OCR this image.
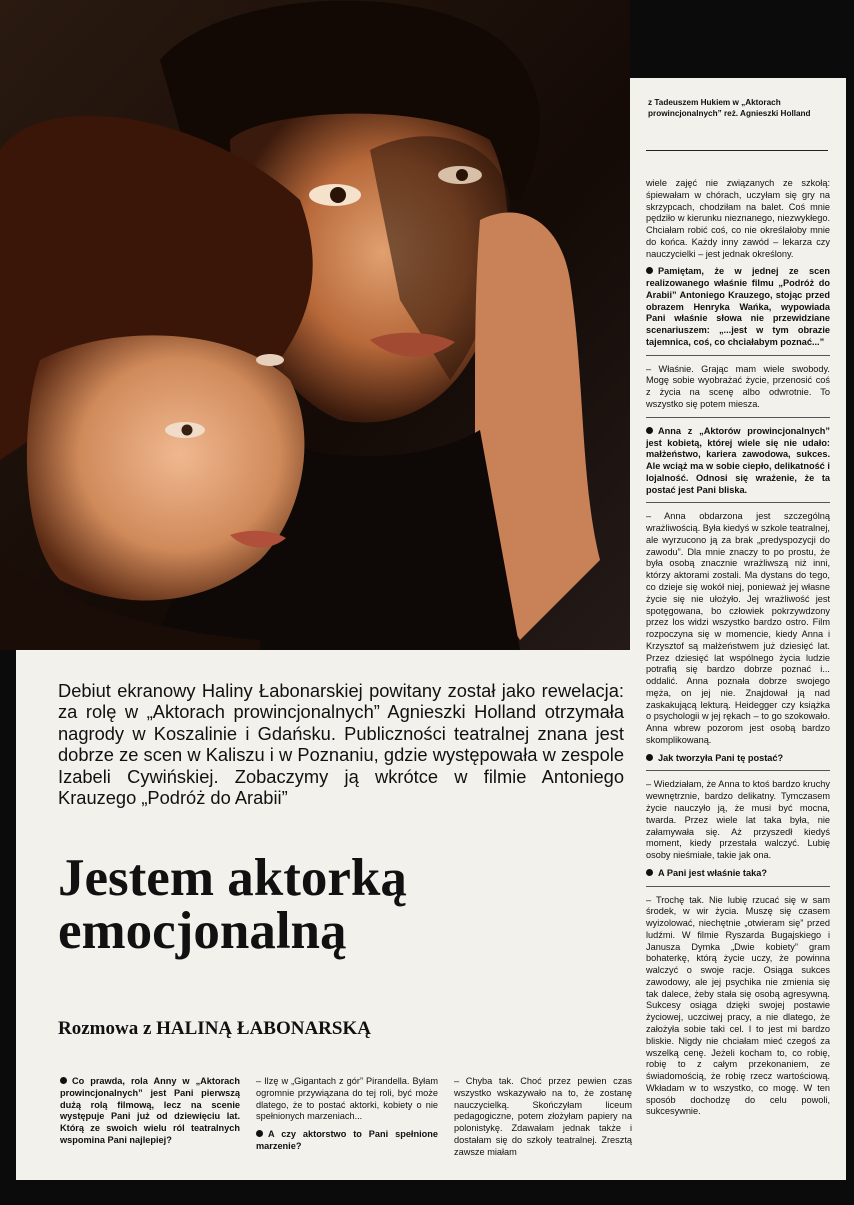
z Tadeuszem Hukiem w „Aktorach prowincjonalnych” reż. Agnieszki Holland

wiele zajęć nie związanych ze szkołą: śpiewałam w chórach, uczyłam się gry na skrzypcach, chodziłam na balet. Coś mnie pędziło w kierunku nieznanego, niezwykłego. Chciałam robić coś, co nie określałoby mnie do końca. Każdy inny zawód – lekarza czy nauczycielki – jest jednak określony.

Pamiętam, że w jednej ze scen realizowanego właśnie filmu „Podróż do Arabii” Antoniego Krauzego, stojąc przed obrazem Henryka Wańka, wypowiada Pani właśnie słowa nie przewidziane scenariuszem: „...jest w tym obrazie tajemnica, coś, co chciałabym poznać...”

– Właśnie. Grając mam wiele swobody. Mogę sobie wyobrażać życie, przenosić coś z życia na scenę albo odwrotnie. To wszystko się potem miesza.

Anna z „Aktorów prowincjonalnych” jest kobietą, której wiele się nie udało: małżeństwo, kariera zawodowa, sukces. Ale wciąż ma w sobie ciepło, delikatność i lojalność. Odnosi się wrażenie, że ta postać jest Pani bliska.

– Anna obdarzona jest szczególną wrażliwością. Była kiedyś w szkole teatralnej, ale wyrzucono ją za brak „predyspozycji do zawodu”. Dla mnie znaczy to po prostu, że była osobą znacznie wrażliwszą niż inni, którzy aktorami zostali. Ma dystans do tego, co dzieje się wokół niej, ponieważ jej własne życie się nie ułożyło. Jej wrażliwość jest spotęgowana, bo człowiek pokrzywdzony przez los widzi wszystko bardzo ostro. Film rozpoczyna się w momencie, kiedy Anna i Krzysztof są małżeństwem już dziesięć lat. Przez dziesięć lat wspólnego życia ludzie potrafią się bardzo dobrze poznać i... oddalić. Anna poznała dobrze swojego męża, on jej nie. Znajdował ją nad zaskakującą lekturą. Heidegger czy książka o psychologii w jej rękach – to go szokowało. Anna wbrew pozorom jest osobą bardzo skomplikowaną.

Jak tworzyła Pani tę postać?

– Wiedziałam, że Anna to ktoś bardzo kruchy wewnętrznie, bardzo delikatny. Tymczasem życie nauczyło ją, że musi być mocna, twarda. Przez wiele lat taka była, nie załamywała się. Aż przyszedł kiedyś moment, kiedy przestała walczyć. Lubię osoby nieśmiałe, takie jak ona.

A Pani jest właśnie taka?

– Trochę tak. Nie lubię rzucać się w sam środek, w wir życia. Muszę się czasem wyizolować, niechętnie „otwieram się” przed ludźmi. W filmie Ryszarda Bugajskiego i Janusza Dymka „Dwie kobiety” gram bohaterkę, którą życie uczy, że powinna walczyć o swoje racje. Osiąga sukces zawodowy, ale jej psychika nie zmienia się tak dalece, żeby stała się osobą agresywną. Sukcesy osiąga dzięki swojej postawie życiowej, uczciwej pracy, a nie dlatego, że założyła sobie taki cel. I to jest mi bardzo bliskie. Nigdy nie chciałam mieć czegoś za wszelką cenę. Jeżeli kocham to, co robię, robię to z całym przekonaniem, ze świadomością, że robię rzecz wartościową. Wkładam w to wszystko, co mogę. W ten sposób dochodzę do celu powoli, sukcesywnie.

Debiut ekranowy Haliny Łabonarskiej powitany został jako rewelacja: za rolę w „Aktorach prowincjonalnych” Agnieszki Holland otrzymała nagrody w Koszalinie i Gdańsku. Publiczności teatralnej znana jest dobrze ze scen w Kaliszu i w Poznaniu, gdzie występowała w zespole Izabeli Cywińskiej. Zobaczymy ją wkrótce w filmie Antoniego Krauzego „Podróż do Arabii”
Jestem aktorką
emocjonalną
Rozmowa z HALINĄ ŁABONARSKĄ

Co prawda, rola Anny w „Aktorach prowincjonalnych” jest Pani pierwszą dużą rolą filmową, lecz na scenie występuje Pani już od dziewięciu lat. Którą ze swoich wielu ról teatralnych wspomina Pani najlepiej?

– Ilzę w „Gigantach z gór” Pirandella. Byłam ogromnie przywiązana do tej roli, być może dlatego, że to postać aktorki, kobiety o nie spełnionych marzeniach...

A czy aktorstwo to Pani spełnione marzenie?

– Chyba tak. Choć przez pewien czas wszystko wskazywało na to, że zostanę nauczycielką. Skończyłam liceum pedagogiczne, potem złożyłam papiery na polonistykę. Zdawałam jednak także i dostałam się do szkoły teatralnej. Zresztą zawsze miałam
